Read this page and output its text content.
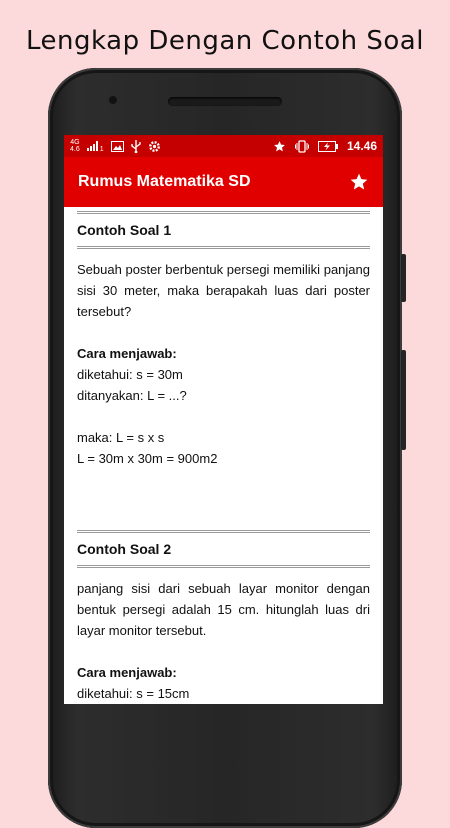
Lengkap Dengan Contoh Soal
4G
4.6	1	14.46
Rumus Matematika SD
Contoh Soal 1
Sebuah poster berbentuk persegi memiliki panjang sisi 30 meter, maka berapakah luas dari poster tersebut?
Cara menjawab:
diketahui: s = 30m
ditanyakan: L = ...?
maka: L = s x s
L = 30m x 30m = 900m2
Contoh Soal 2
panjang sisi dari sebuah layar monitor dengan bentuk persegi adalah 15 cm. hitunglah luas dri layar monitor tersebut.
Cara menjawab:
diketahui: s = 15cm
